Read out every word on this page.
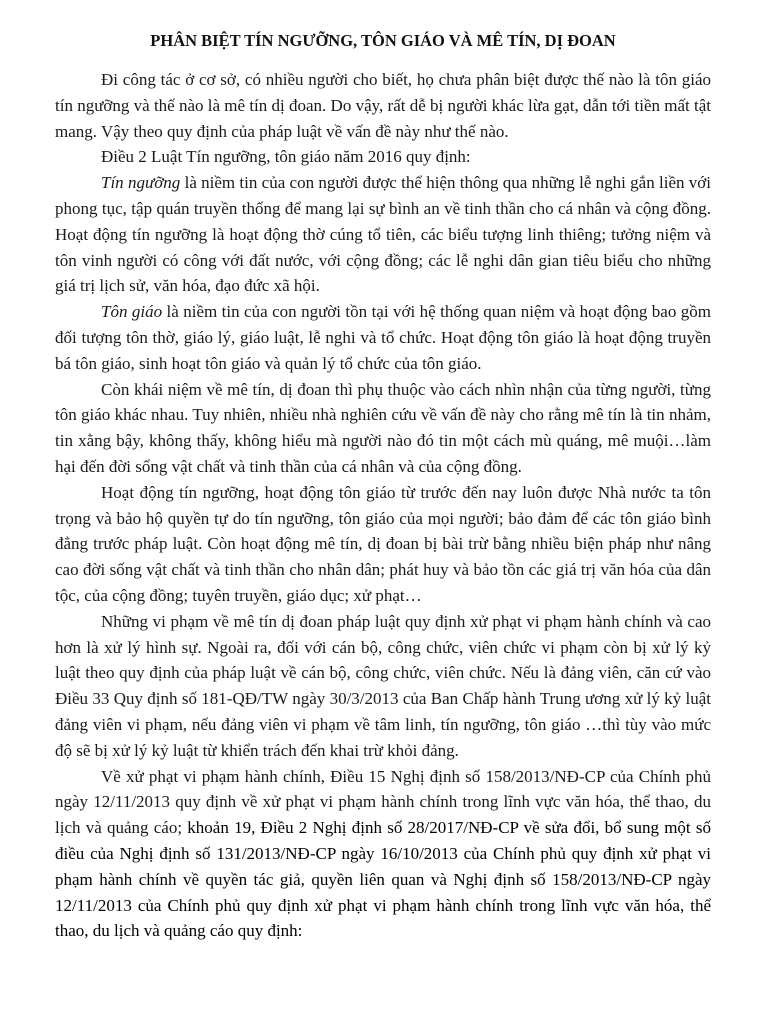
PHÂN BIỆT TÍN NGƯỠNG, TÔN GIÁO VÀ MÊ TÍN, DỊ ĐOAN

Đi công tác ở cơ sở, có nhiều người cho biết, họ chưa phân biệt được thế nào là tôn giáo tín ngưỡng và thế nào là mê tín dị đoan. Do vậy, rất dễ bị người khác lừa gạt, dẫn tới tiền mất tật mang. Vậy theo quy định của pháp luật về vấn đề này như thế nào.

Điều 2 Luật Tín ngưỡng, tôn giáo năm 2016 quy định:

Tín ngưỡng là niềm tin của con người được thể hiện thông qua những lễ nghi gắn liền với phong tục, tập quán truyền thống để mang lại sự bình an về tinh thần cho cá nhân và cộng đồng. Hoạt động tín ngưỡng là hoạt động thờ cúng tổ tiên, các biểu tượng linh thiêng; tưởng niệm và tôn vinh người có công với đất nước, với cộng đồng; các lễ nghi dân gian tiêu biểu cho những giá trị lịch sử, văn hóa, đạo đức xã hội.

Tôn giáo là niềm tin của con người tồn tại với hệ thống quan niệm và hoạt động bao gồm đối tượng tôn thờ, giáo lý, giáo luật, lễ nghi và tổ chức. Hoạt động tôn giáo là hoạt động truyền bá tôn giáo, sinh hoạt tôn giáo và quản lý tổ chức của tôn giáo.

Còn khái niệm về mê tín, dị đoan thì phụ thuộc vào cách nhìn nhận của từng người, từng tôn giáo khác nhau. Tuy nhiên, nhiều nhà nghiên cứu về vấn đề này cho rằng mê tín là tin nhảm, tin xằng bậy, không thấy, không hiểu mà người nào đó tin một cách mù quáng, mê muội…làm hại đến đời sống vật chất và tinh thần của cá nhân và của cộng đồng.

Hoạt động tín ngưỡng, hoạt động tôn giáo từ trước đến nay luôn được Nhà nước ta tôn trọng và bảo hộ quyền tự do tín ngưỡng, tôn giáo của mọi người; bảo đảm để các tôn giáo bình đẳng trước pháp luật. Còn hoạt động mê tín, dị đoan bị bài trừ bằng nhiều biện pháp như nâng cao đời sống vật chất và tinh thần cho nhân dân; phát huy và bảo tồn các giá trị văn hóa của dân tộc, của cộng đồng; tuyên truyền, giáo dục; xử phạt…

Những vi phạm về mê tín dị đoan pháp luật quy định xử phạt vi phạm hành chính và cao hơn là xử lý hình sự. Ngoài ra, đối với cán bộ, công chức, viên chức vi phạm còn bị xử lý kỷ luật theo quy định của pháp luật về cán bộ, công chức, viên chức. Nếu là đảng viên, căn cứ vào Điều 33 Quy định số 181-QĐ/TW ngày 30/3/2013 của Ban Chấp hành Trung ương xử lý kỷ luật đảng viên vi phạm, nếu đảng viên vi phạm về tâm linh, tín ngưỡng, tôn giáo …thì tùy vào mức độ sẽ bị xử lý kỷ luật từ khiển trách đến khai trừ khỏi đảng.

Về xử phạt vi phạm hành chính, Điều 15 Nghị định số 158/2013/NĐ-CP của Chính phủ ngày 12/11/2013 quy định về xử phạt vi phạm hành chính trong lĩnh vực văn hóa, thể thao, du lịch và quảng cáo; khoản 19, Điều 2 Nghị định số 28/2017/NĐ-CP về sửa đổi, bổ sung một số điều của Nghị định số 131/2013/NĐ-CP ngày 16/10/2013 của Chính phủ quy định xử phạt vi phạm hành chính về quyền tác giả, quyền liên quan và Nghị định số 158/2013/NĐ-CP ngày 12/11/2013 của Chính phủ quy định xử phạt vi phạm hành chính trong lĩnh vực văn hóa, thể thao, du lịch và quảng cáo quy định:
